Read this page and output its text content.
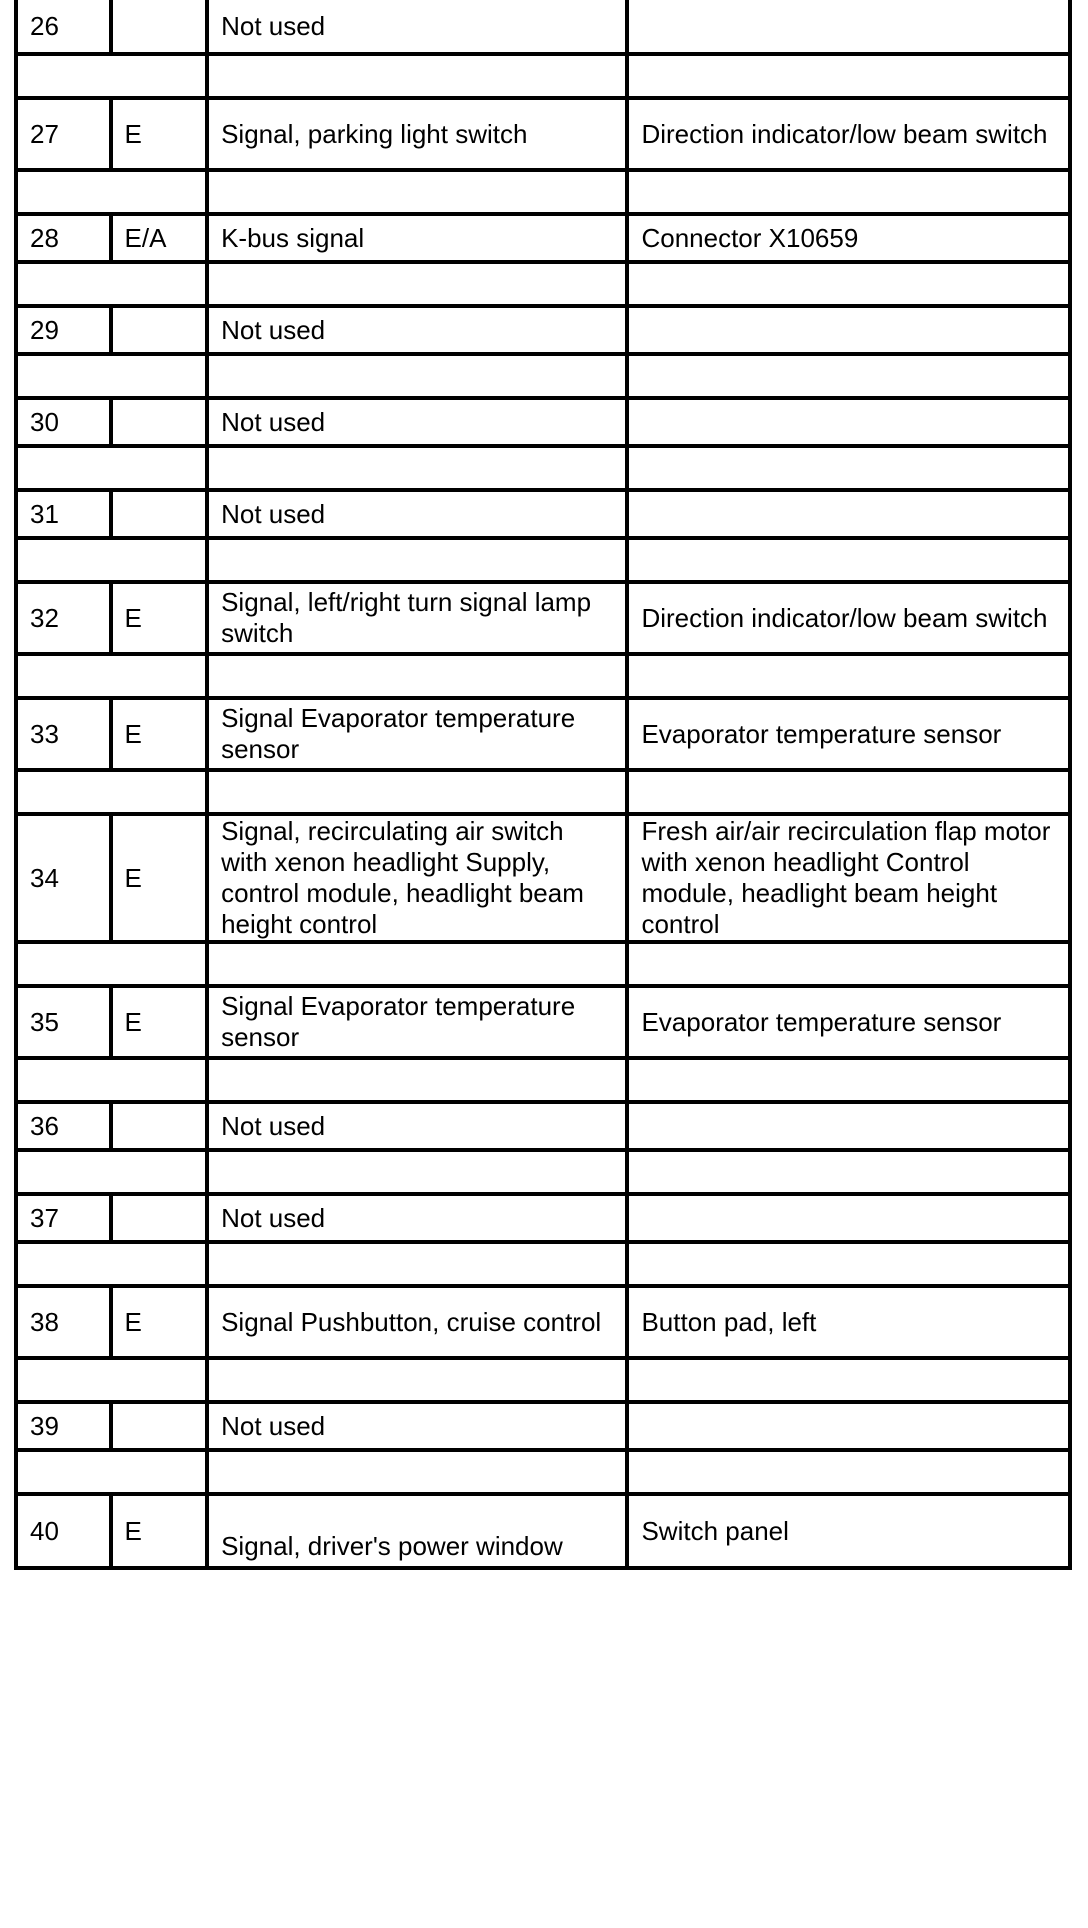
26		Not used	

27	E	Signal, parking light switch	Direction indicator/low beam switch

28	E/A	K-bus signal	Connector X10659

29		Not used	

30		Not used	

31		Not used	

32	E	Signal, left/right turn signal lamp switch	Direction indicator/low beam switch

33	E	Signal Evaporator temperature sensor	Evaporator temperature sensor

34	E	Signal, recirculating air switch with xenon headlight Supply, control module, headlight beam height control	Fresh air/air recirculation flap motor with xenon headlight Control module, headlight beam height control

35	E	Signal Evaporator temperature sensor	Evaporator temperature sensor

36		Not used	

37		Not used	

38	E	Signal Pushbutton, cruise control	Button pad, left

39		Not used	

40	E	Signal, driver's power window	Switch panel
